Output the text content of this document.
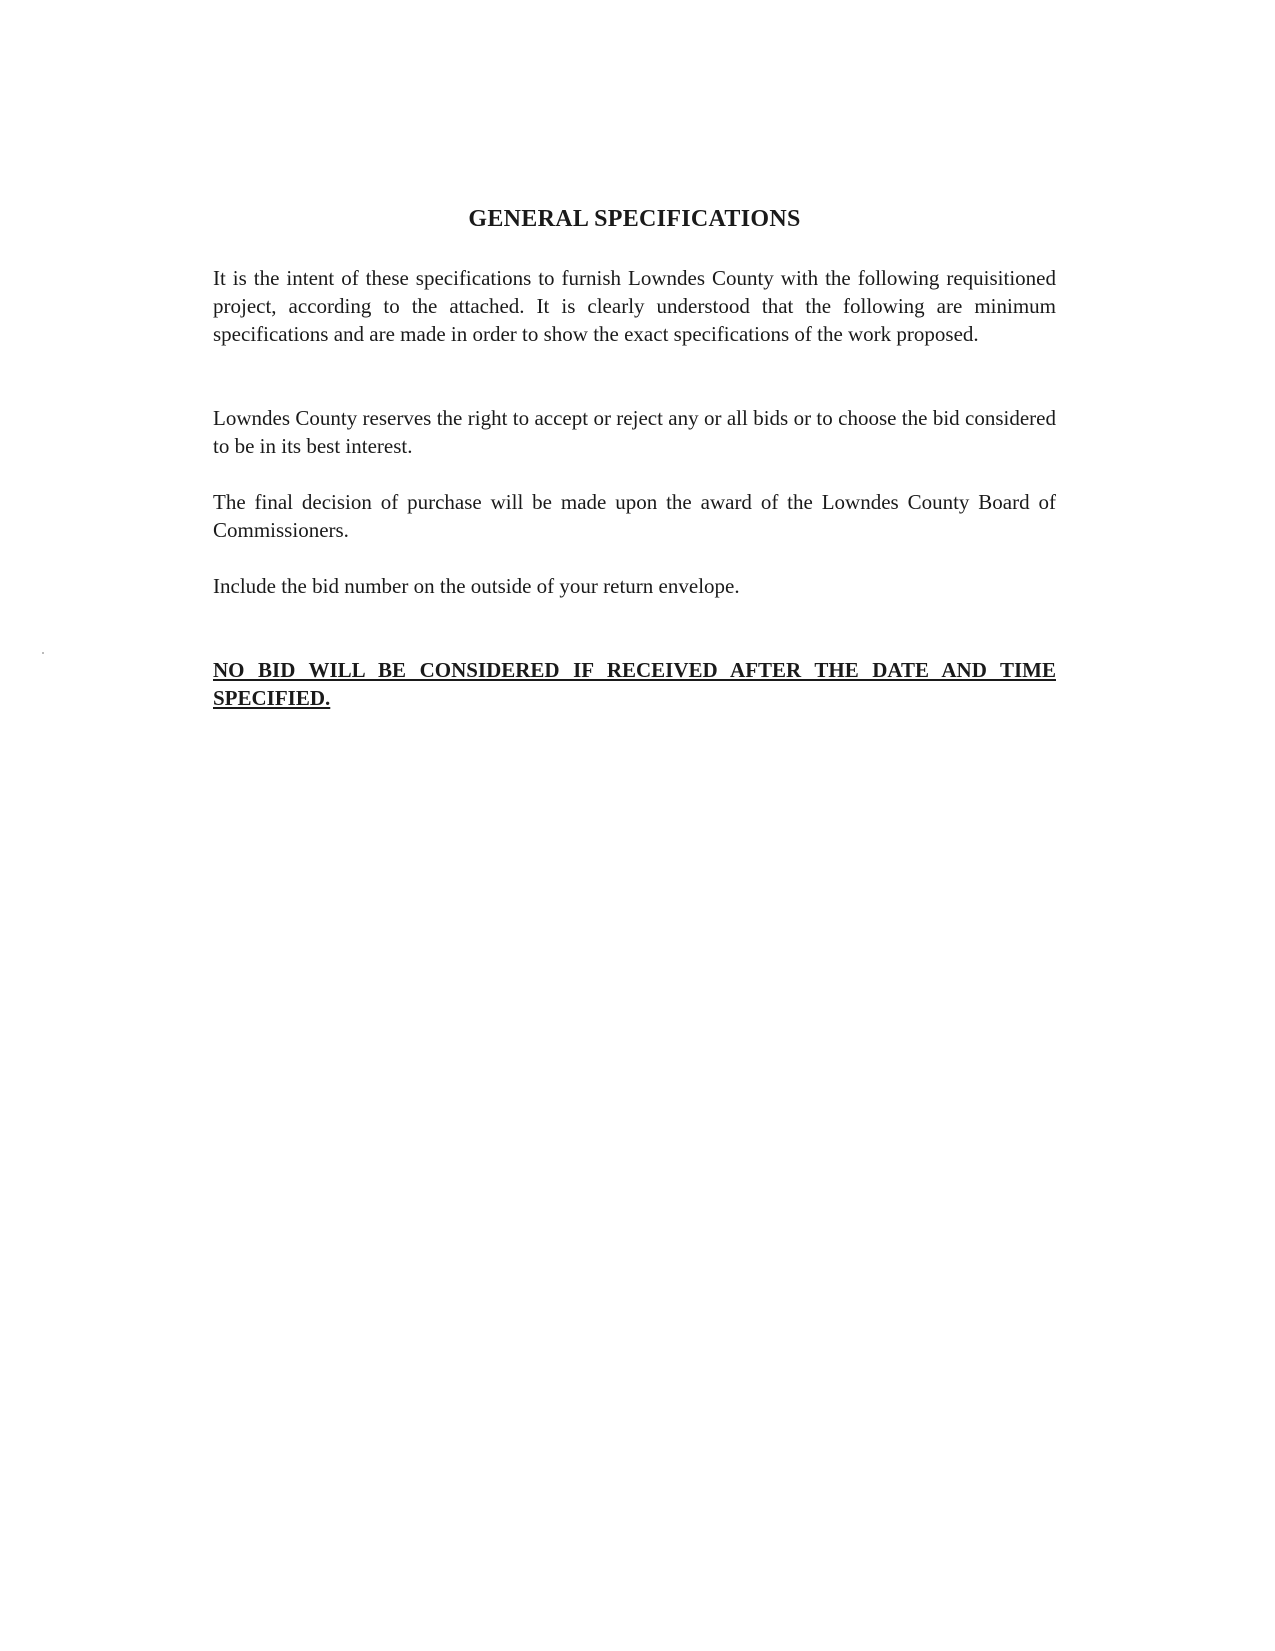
GENERAL SPECIFICATIONS

It is the intent of these specifications to furnish Lowndes County with the following requisitioned project, according to the attached. It is clearly understood that the following are minimum specifications and are made in order to show the exact specifications of the work proposed.

Lowndes County reserves the right to accept or reject any or all bids or to choose the bid considered to be in its best interest.

The final decision of purchase will be made upon the award of the Lowndes County Board of Commissioners.

Include the bid number on the outside of your return envelope.

NO BID WILL BE CONSIDERED IF RECEIVED AFTER THE DATE AND TIME SPECIFIED.
